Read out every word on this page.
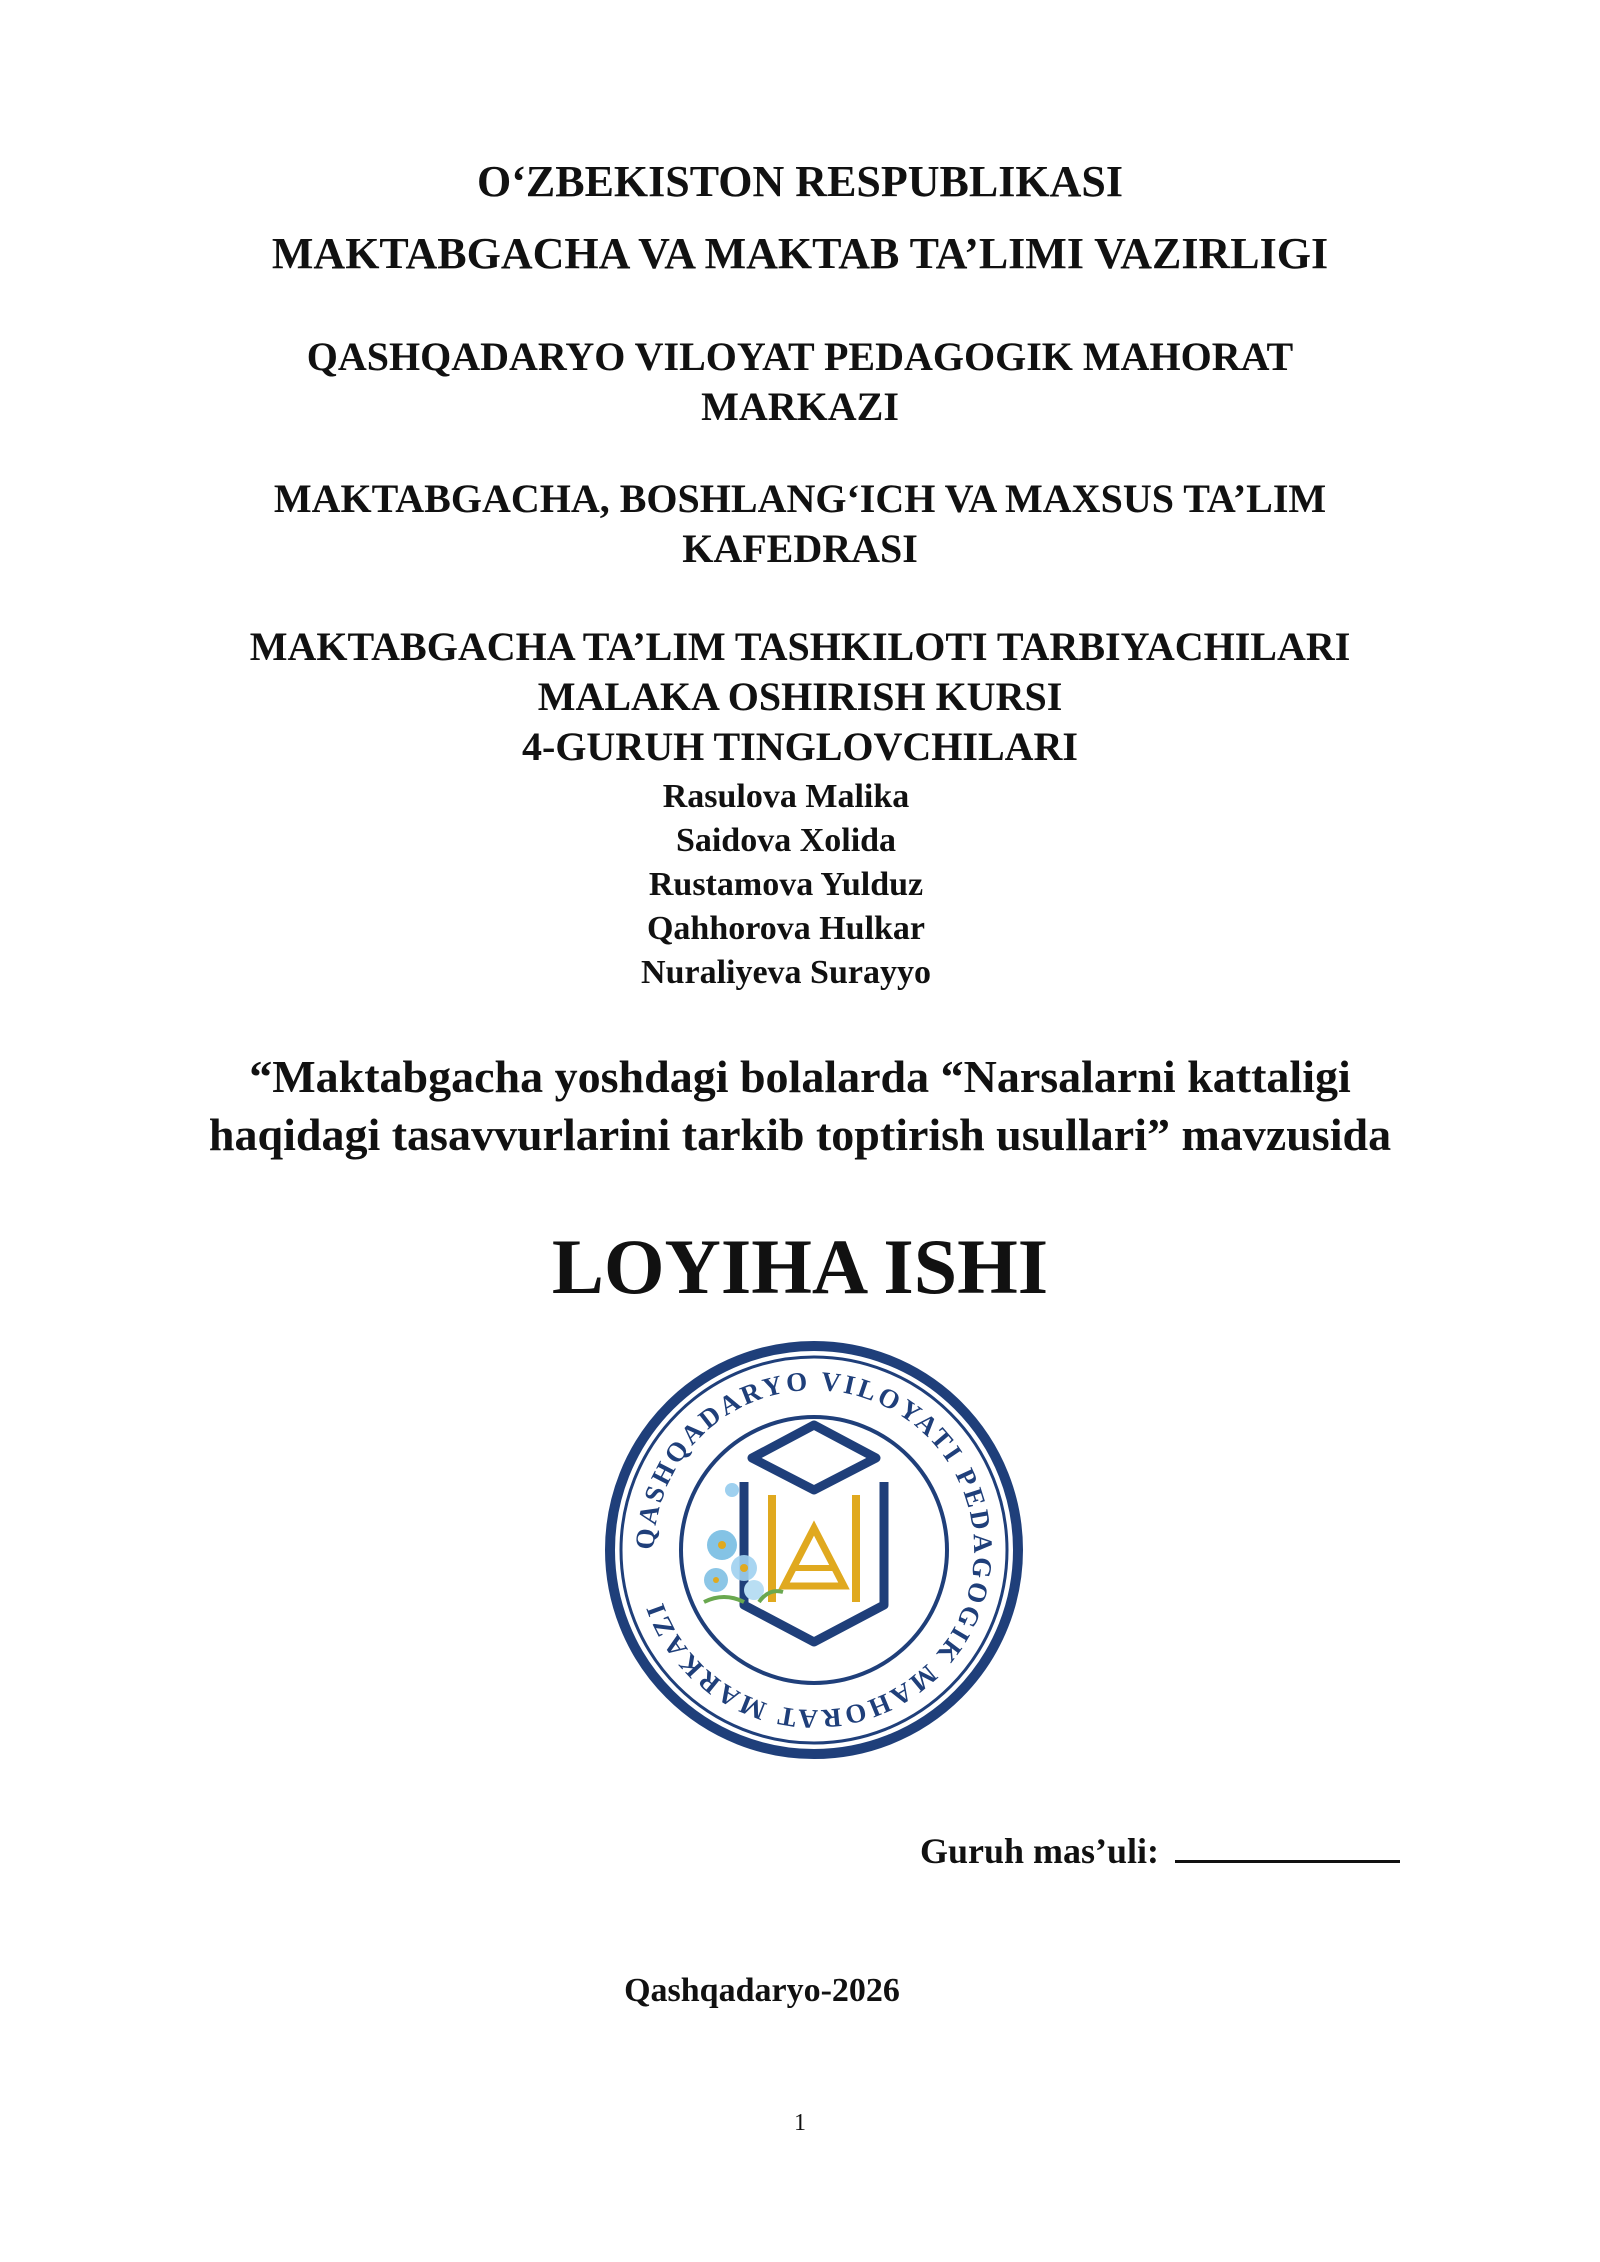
O‘ZBEKISTON RESPUBLIKASI
MAKTABGACHA VA MAKTAB TA’LIMI VAZIRLIGI
QASHQADARYO VILOYAT PEDAGOGIK MAHORAT
MARKAZI
MAKTABGACHA, BOSHLANG‘ICH VA MAXSUS TA’LIM
KAFEDRASI
MAKTABGACHA TA’LIM TASHKILOTI TARBIYACHILARI
MALAKA OSHIRISH KURSI
4-GURUH TINGLOVCHILARI
Rasulova Malika
Saidova Xolida
Rustamova Yulduz
Qahhorova Hulkar
Nuraliyeva Surayyo
“Maktabgacha yoshdagi bolalarda “Narsalarni kattaligi
haqidagi tasavvurlarini tarkib toptirish usullari” mavzusida
LOYIHA ISHI
QASHQADARYO VILOYATI PEDAGOGIK MAHORAT MARKAZI
Guruh mas’uli:
Qashqadaryo-2026
1
